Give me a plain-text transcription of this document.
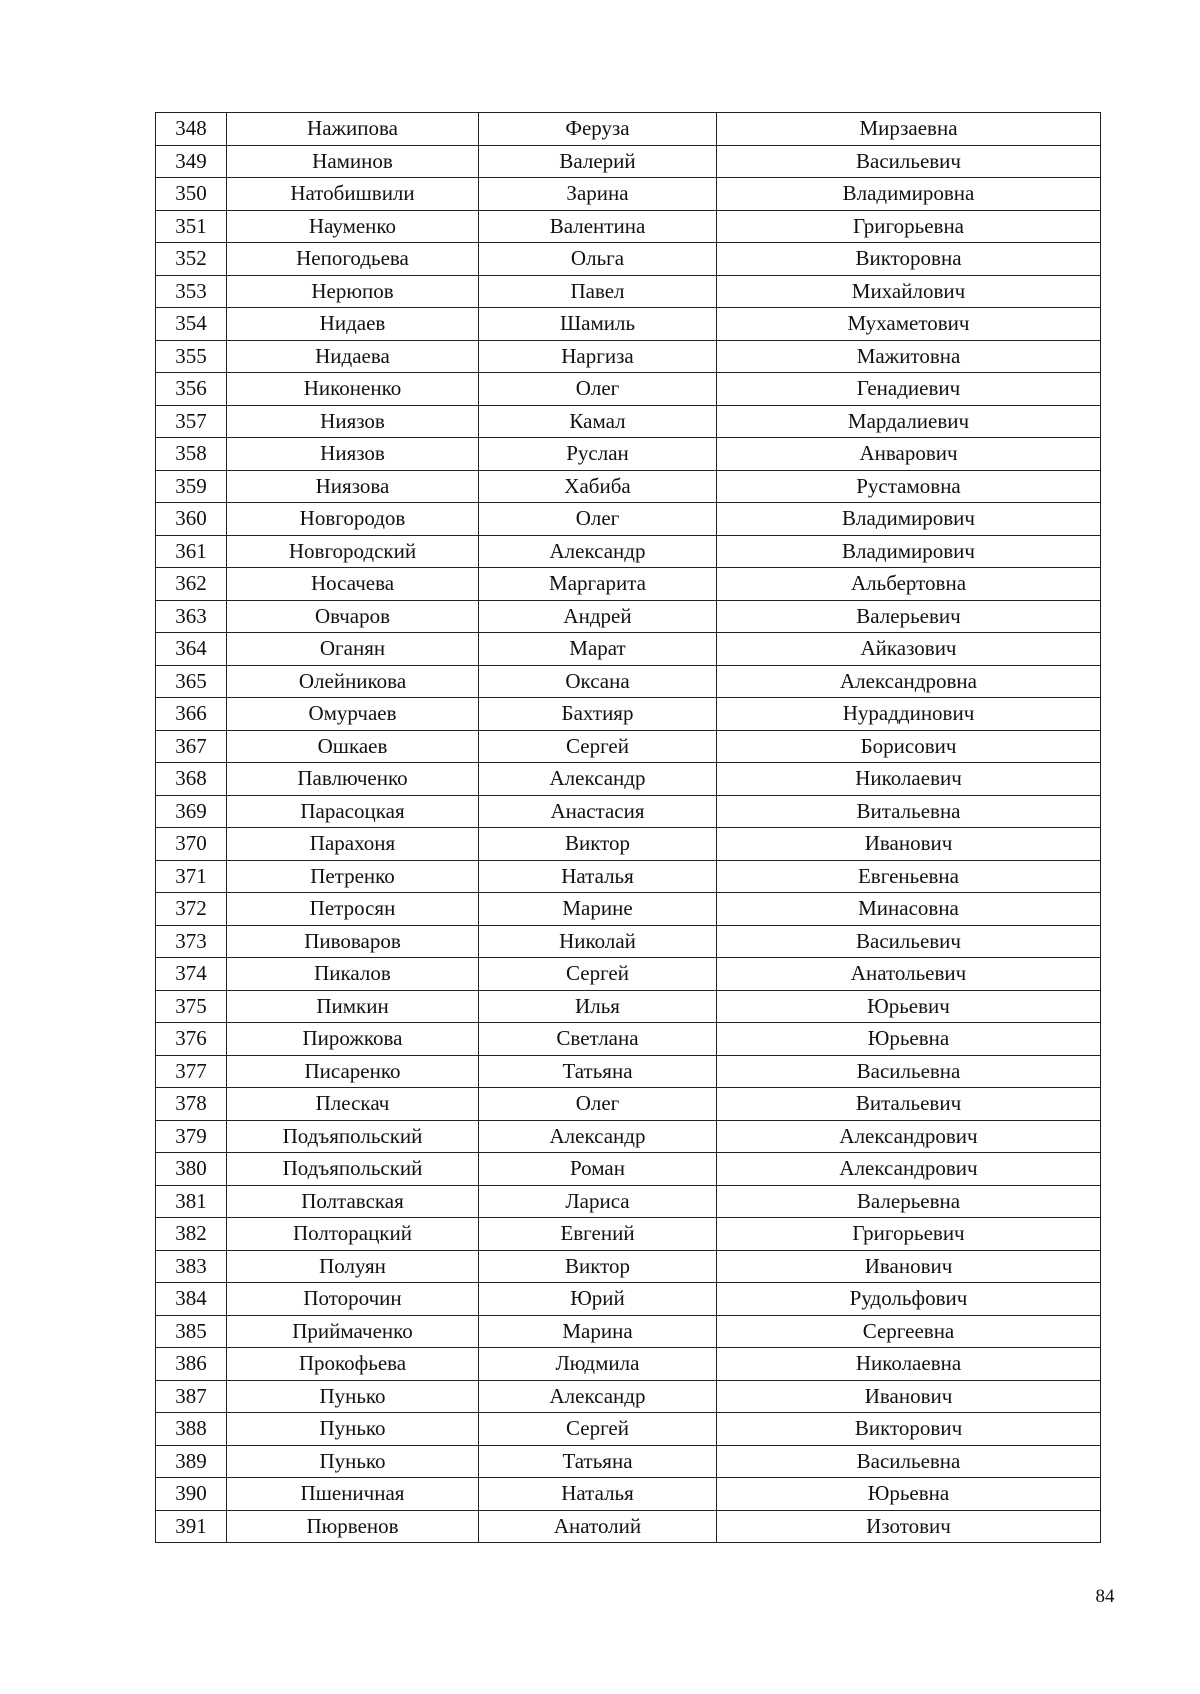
348	Нажипова	Феруза	Мирзаевна
349	Наминов	Валерий	Васильевич
350	Натобишвили	Зарина	Владимировна
351	Науменко	Валентина	Григорьевна
352	Непогодьева	Ольга	Викторовна
353	Нерюпов	Павел	Михайлович
354	Нидаев	Шамиль	Мухаметович
355	Нидаева	Наргиза	Мажитовна
356	Никоненко	Олег	Генадиевич
357	Ниязов	Камал	Мардалиевич
358	Ниязов	Руслан	Анварович
359	Ниязова	Хабиба	Рустамовна
360	Новгородов	Олег	Владимирович
361	Новгородский	Александр	Владимирович
362	Носачева	Маргарита	Альбертовна
363	Овчаров	Андрей	Валерьевич
364	Оганян	Марат	Айказович
365	Олейникова	Оксана	Александровна
366	Омурчаев	Бахтияр	Нураддинович
367	Ошкаев	Сергей	Борисович
368	Павлюченко	Александр	Николаевич
369	Парасоцкая	Анастасия	Витальевна
370	Парахоня	Виктор	Иванович
371	Петренко	Наталья	Евгеньевна
372	Петросян	Марине	Минасовна
373	Пивоваров	Николай	Васильевич
374	Пикалов	Сергей	Анатольевич
375	Пимкин	Илья	Юрьевич
376	Пирожкова	Светлана	Юрьевна
377	Писаренко	Татьяна	Васильевна
378	Плескач	Олег	Витальевич
379	Подъяпольский	Александр	Александрович
380	Подъяпольский	Роман	Александрович
381	Полтавская	Лариса	Валерьевна
382	Полторацкий	Евгений	Григорьевич
383	Полуян	Виктор	Иванович
384	Поторочин	Юрий	Рудольфович
385	Приймаченко	Марина	Сергеевна
386	Прокофьева	Людмила	Николаевна
387	Пунько	Александр	Иванович
388	Пунько	Сергей	Викторович
389	Пунько	Татьяна	Васильевна
390	Пшеничная	Наталья	Юрьевна
391	Пюрвенов	Анатолий	Изотович
84
